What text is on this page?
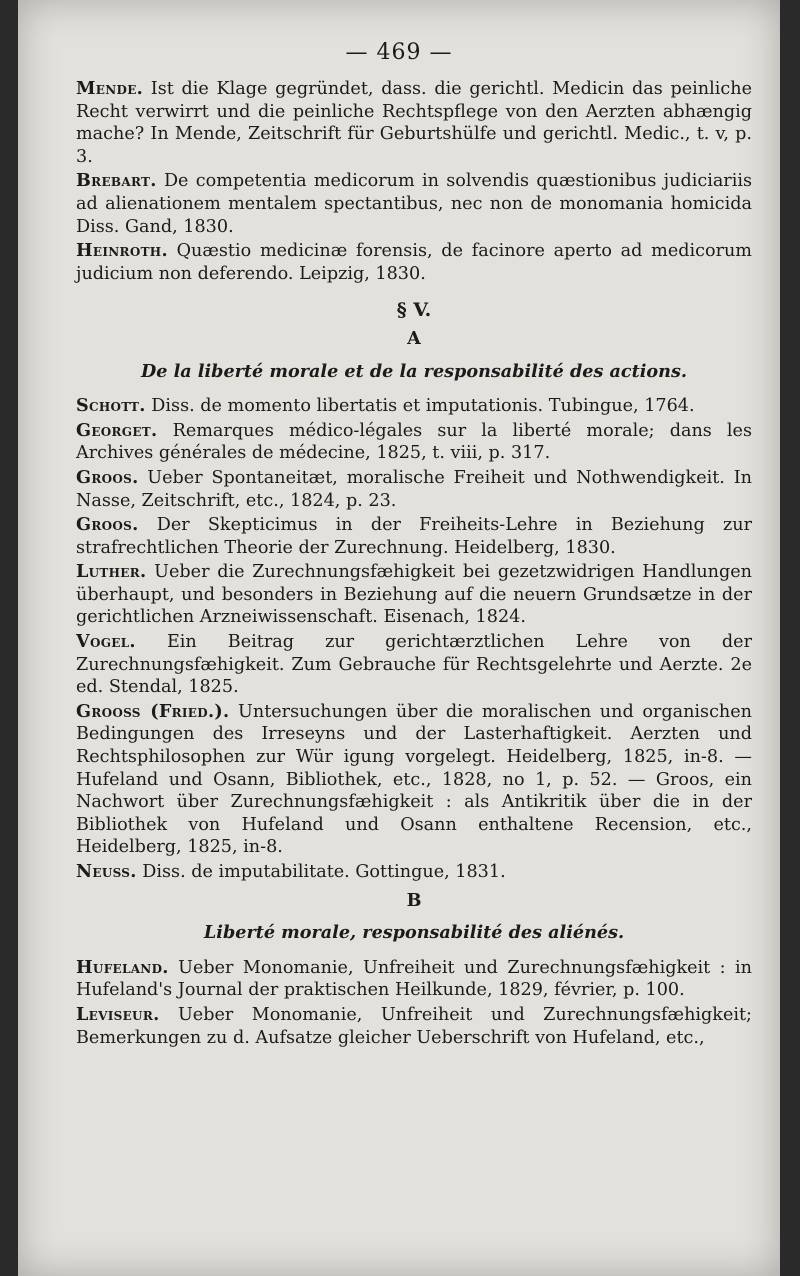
— 469 —

Mende. Ist die Klage gegründet, dass. die gerichtl. Medicin das peinliche Recht verwirrt und die peinliche Rechtspflege von den Aerzten abhængig mache? In Mende, Zeitschrift für Geburtshülfe und gerichtl. Medic., t. v, p. 3.

Brebart. De competentia medicorum in solvendis quæstionibus judiciariis ad alienationem mentalem spectantibus, nec non de monomania homicida Diss. Gand, 1830.

Heinroth. Quæstio medicinæ forensis, de facinore aperto ad medicorum judicium non deferendo. Leipzig, 1830.

§ V.
A
De la liberté morale et de la responsabilité des actions.

Schott. Diss. de momento libertatis et imputationis. Tubingue, 1764.

Georget. Remarques médico-légales sur la liberté morale; dans les Archives générales de médecine, 1825, t. viii, p. 317.

Groos. Ueber Spontaneitæt, moralische Freiheit und Nothwendigkeit. In Nasse, Zeitschrift, etc., 1824, p. 23.

Groos. Der Skepticimus in der Freiheits-Lehre in Beziehung zur strafrechtlichen Theorie der Zurechnung. Heidelberg, 1830.

Luther. Ueber die Zurechnungsfæhigkeit bei gezetzwidrigen Handlungen überhaupt, und besonders in Beziehung auf die neuern Grundsætze in der gerichtlichen Arzneiwissenschaft. Eisenach, 1824.

Vogel. Ein Beitrag zur gerichtærztlichen Lehre von der Zurechnungsfæhigkeit. Zum Gebrauche für Rechtsgelehrte und Aerzte. 2e ed. Stendal, 1825.

Grooss (Fried.). Untersuchungen über die moralischen und organischen Bedingungen des Irreseyns und der Lasterhaftigkeit. Aerzten und Rechtsphilosophen zur Wür igung vorgelegt. Heidelberg, 1825, in-8. — Hufeland und Osann, Bibliothek, etc., 1828, no 1, p. 52. — Groos, ein Nachwort über Zurechnungsfæhigkeit : als Antikritik über die in der Bibliothek von Hufeland und Osann enthaltene Recension, etc., Heidelberg, 1825, in-8.

Neuss. Diss. de imputabilitate. Gottingue, 1831.

B
Liberté morale, responsabilité des aliénés.

Hufeland. Ueber Monomanie, Unfreiheit und Zurechnungsfæhigkeit : in Hufeland's Journal der praktischen Heilkunde, 1829, février, p. 100.

Leviseur. Ueber Monomanie, Unfreiheit und Zurechnungsfæhigkeit; Bemerkungen zu d. Aufsatze gleicher Ueberschrift von Hufeland, etc.,
